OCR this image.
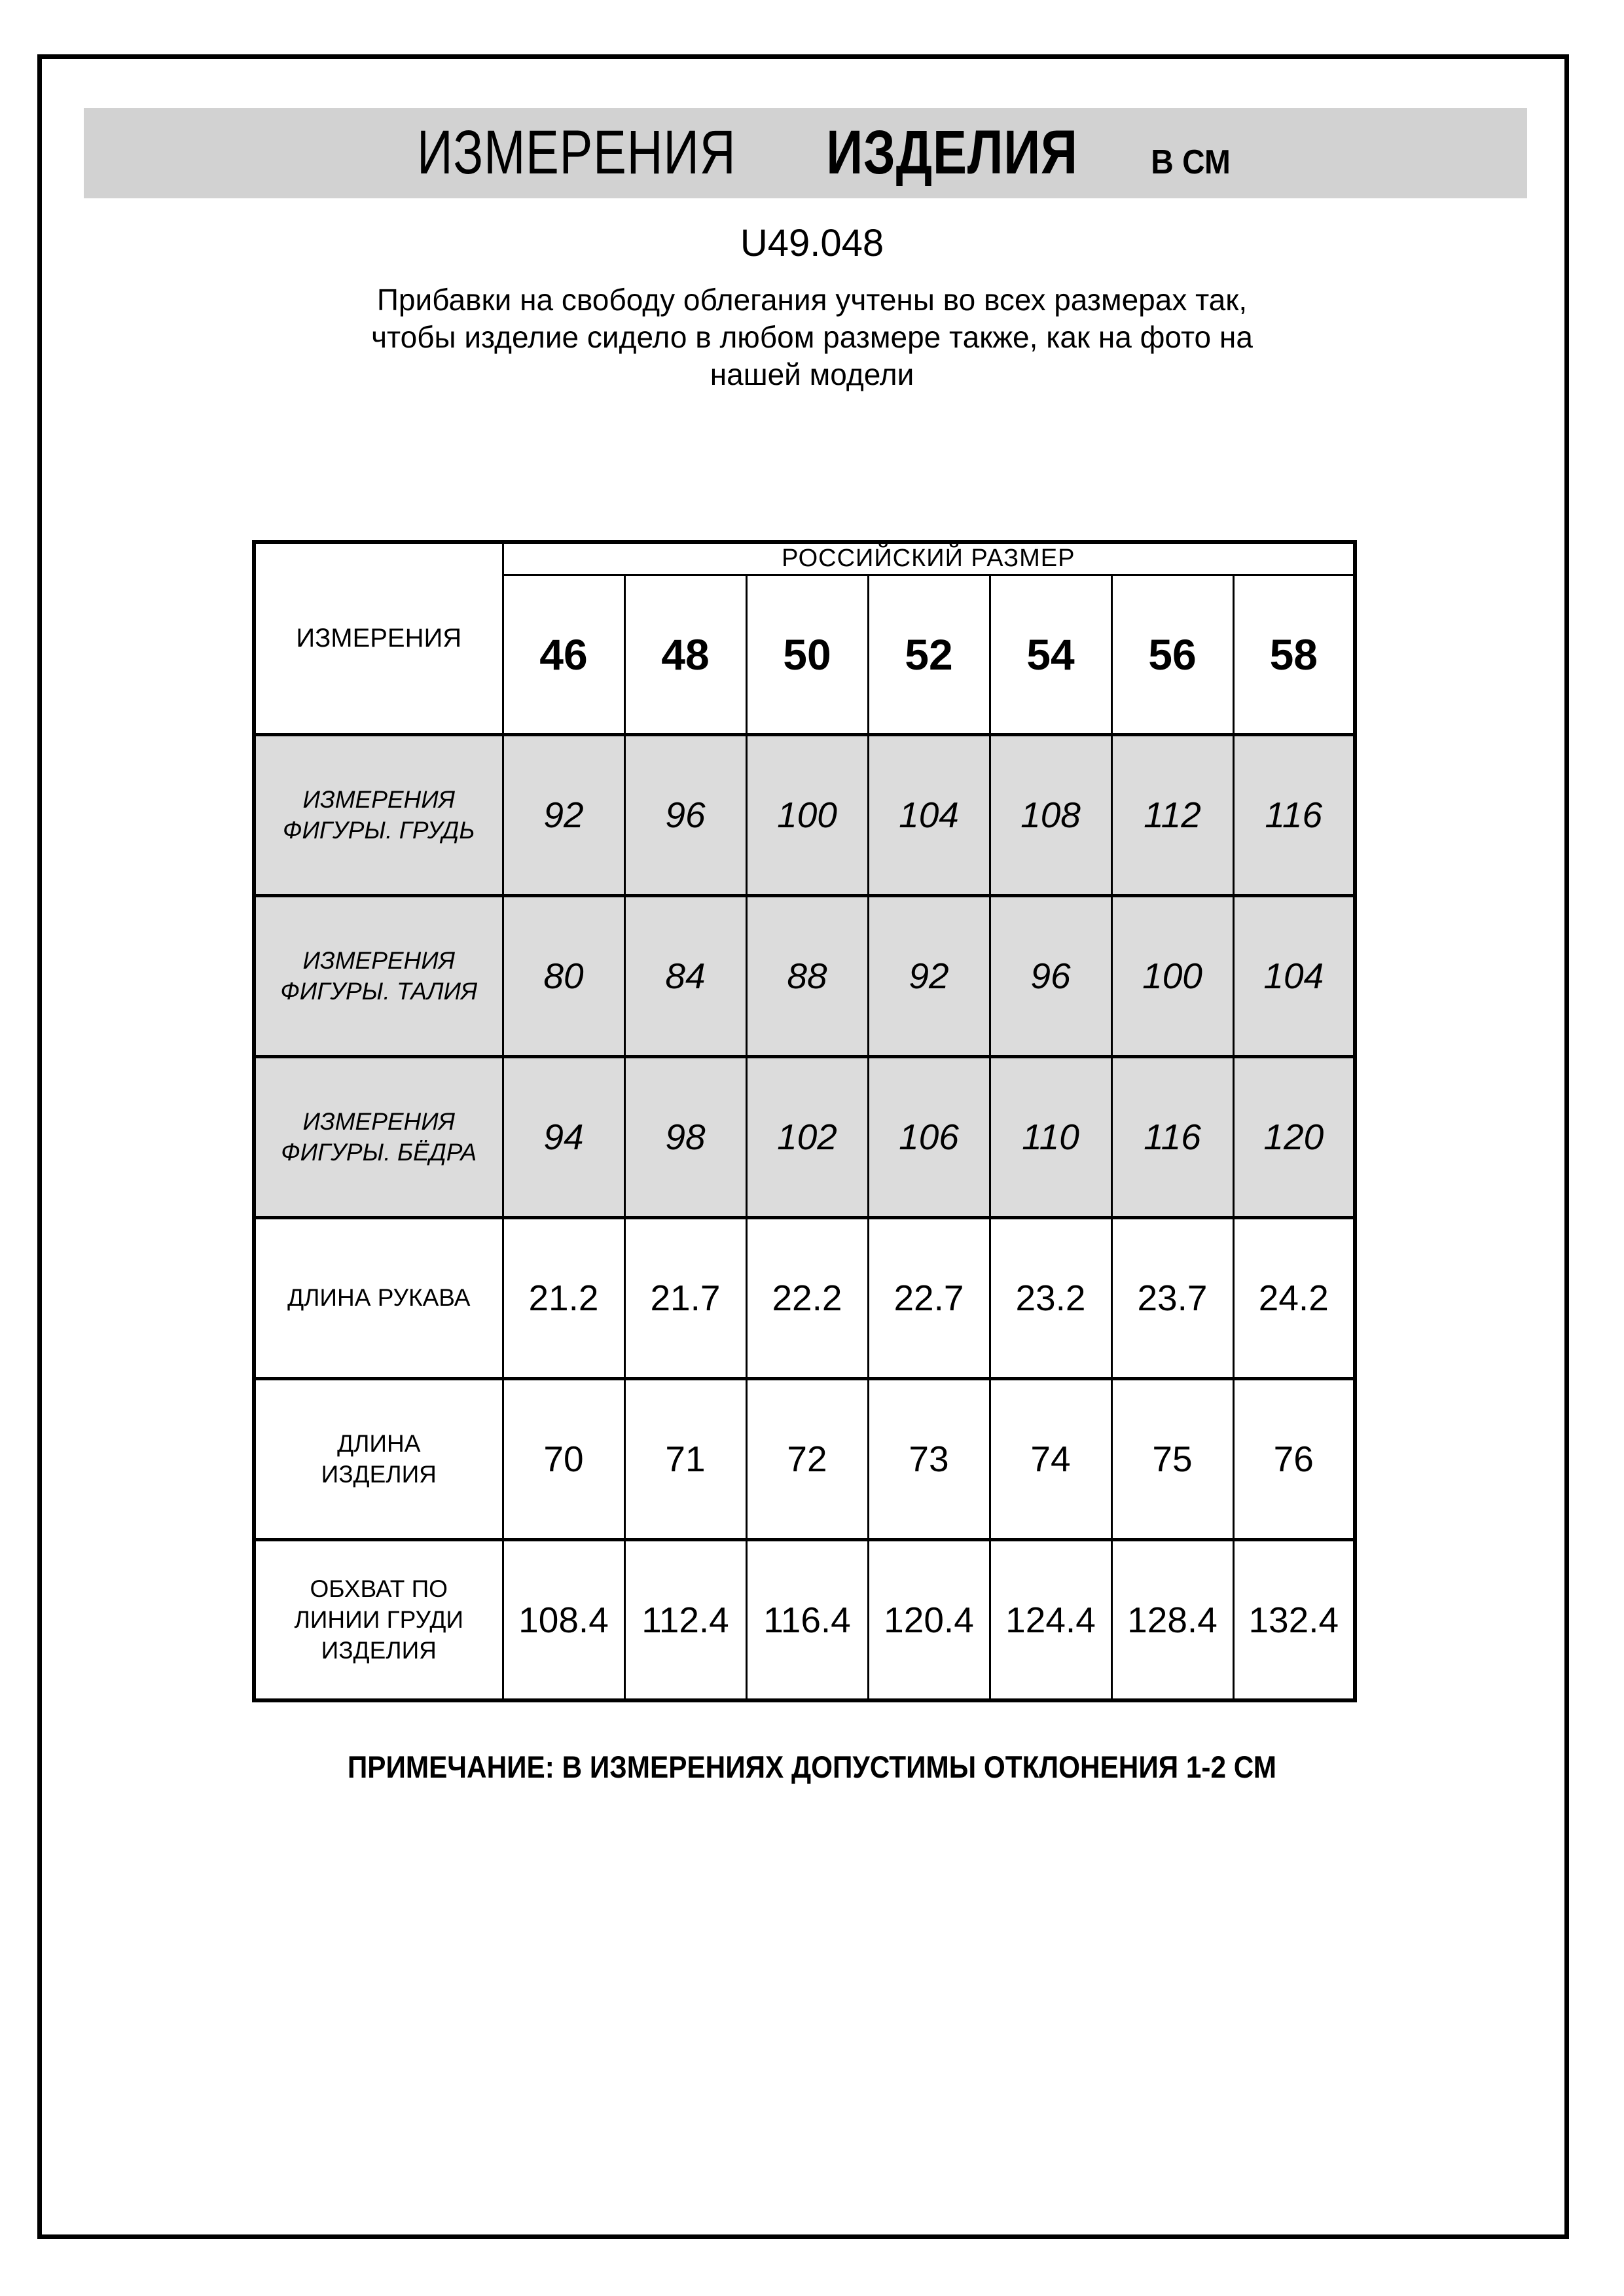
ИЗМЕРЕНИЯ ИЗДЕЛИЯ В СМ
U49.048
Прибавки на свободу облегания учтены во всех размерах так,
чтобы изделие сидело в любом размере также, как на фото на
нашей модели
ИЗМЕРЕНИЯ	РОССИЙСКИЙ РАЗМЕР						
	46	48	50	52	54	56	58
ИЗМЕРЕНИЯ ФИГУРЫ. ГРУДЬ	92	96	100	104	108	112	116
ИЗМЕРЕНИЯ ФИГУРЫ. ТАЛИЯ	80	84	88	92	96	100	104
ИЗМЕРЕНИЯ ФИГУРЫ. БЁДРА	94	98	102	106	110	116	120
ДЛИНА РУКАВА	21.2	21.7	22.2	22.7	23.2	23.7	24.2
ДЛИНА ИЗДЕЛИЯ	70	71	72	73	74	75	76
ОБХВАТ ПО ЛИНИИ ГРУДИ ИЗДЕЛИЯ	108.4	112.4	116.4	120.4	124.4	128.4	132.4
ПРИМЕЧАНИЕ: В ИЗМЕРЕНИЯХ ДОПУСТИМЫ ОТКЛОНЕНИЯ 1-2 СМ
